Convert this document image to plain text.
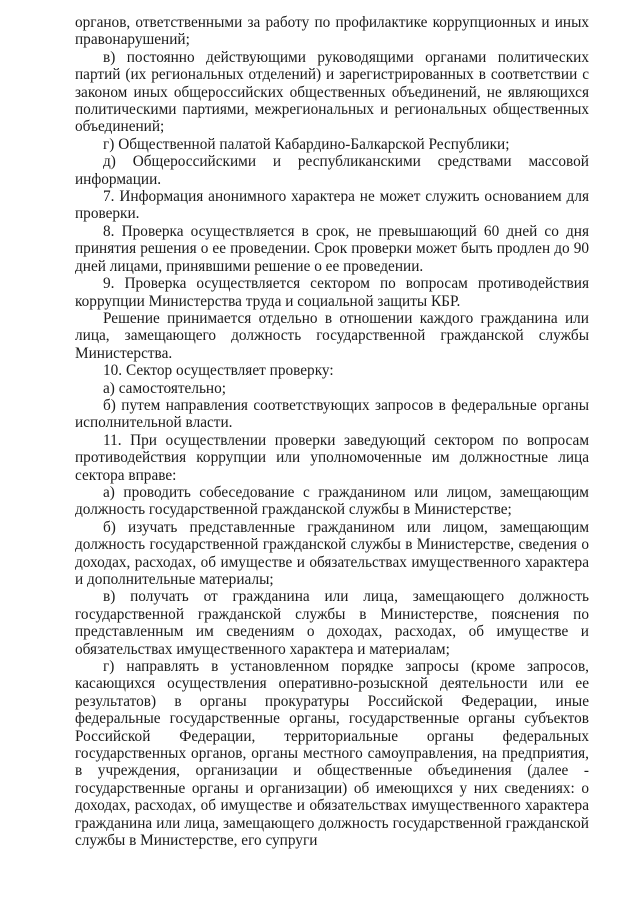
органов, ответственными за работу по профилактике коррупционных и иных правонарушений;

в) постоянно действующими руководящими органами политических партий (их региональных отделений) и зарегистрированных в соответствии с законом иных общероссийских общественных объединений, не являющихся политическими партиями, межрегиональных и региональных общественных объединений;

г) Общественной палатой Кабардино-Балкарской Республики;

д) Общероссийскими и республиканскими средствами массовой информации.

7. Информация анонимного характера не может служить основанием для проверки.

8. Проверка осуществляется в срок, не превышающий 60 дней со дня принятия решения о ее проведении. Срок проверки может быть продлен до 90 дней лицами, принявшими решение о ее проведении.

9. Проверка осуществляется сектором по вопросам противодействия коррупции Министерства труда и социальной защиты КБР.

Решение принимается отдельно в отношении каждого гражданина или лица, замещающего должность государственной гражданской службы Министерства.

10. Сектор осуществляет проверку:

а) самостоятельно;

б) путем направления соответствующих запросов в федеральные органы исполнительной власти.

11. При осуществлении проверки заведующий сектором по вопросам противодействия коррупции или уполномоченные им должностные лица сектора вправе:

а) проводить собеседование с гражданином или лицом, замещающим должность государственной гражданской службы в Министерстве;

б) изучать представленные гражданином или лицом, замещающим должность государственной гражданской службы в Министерстве, сведения о доходах, расходах, об имуществе и обязательствах имущественного характера и дополнительные материалы;

в) получать от гражданина или лица, замещающего должность государственной гражданской службы в Министерстве, пояснения по представленным им сведениям о доходах, расходах, об имуществе и обязательствах имущественного характера и материалам;

г) направлять в установленном порядке запросы (кроме запросов, касающихся осуществления оперативно-розыскной деятельности или ее результатов) в органы прокуратуры Российской Федерации, иные федеральные государственные органы, государственные органы субъектов Российской Федерации, территориальные органы федеральных государственных органов, органы местного самоуправления, на предприятия, в учреждения, организации и общественные объединения (далее - государственные органы и организации) об имеющихся у них сведениях: о доходах, расходах, об имуществе и обязательствах имущественного характера гражданина или лица, замещающего должность государственной гражданской службы в Министерстве, его супруги
